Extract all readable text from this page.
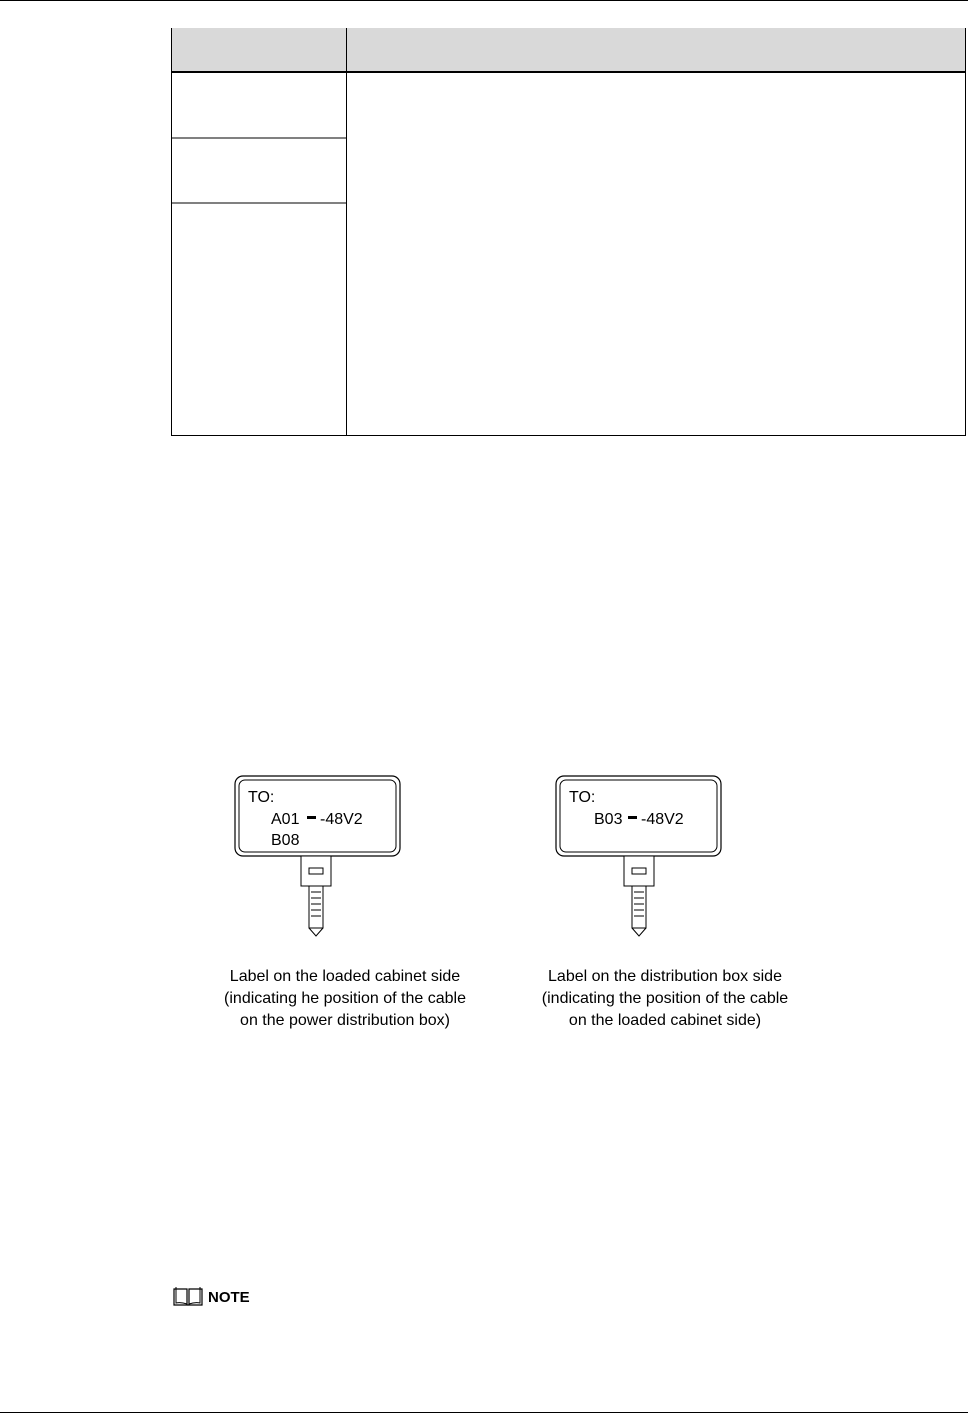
TO:
A01 -48V2
B08
TO:
B03 -48V2
Label on the loaded cabinet side
(indicating he position of the cable
on the power distribution box)
Label on the distribution box side
(indicating the position of the cable
on the loaded cabinet side)
NOTE
